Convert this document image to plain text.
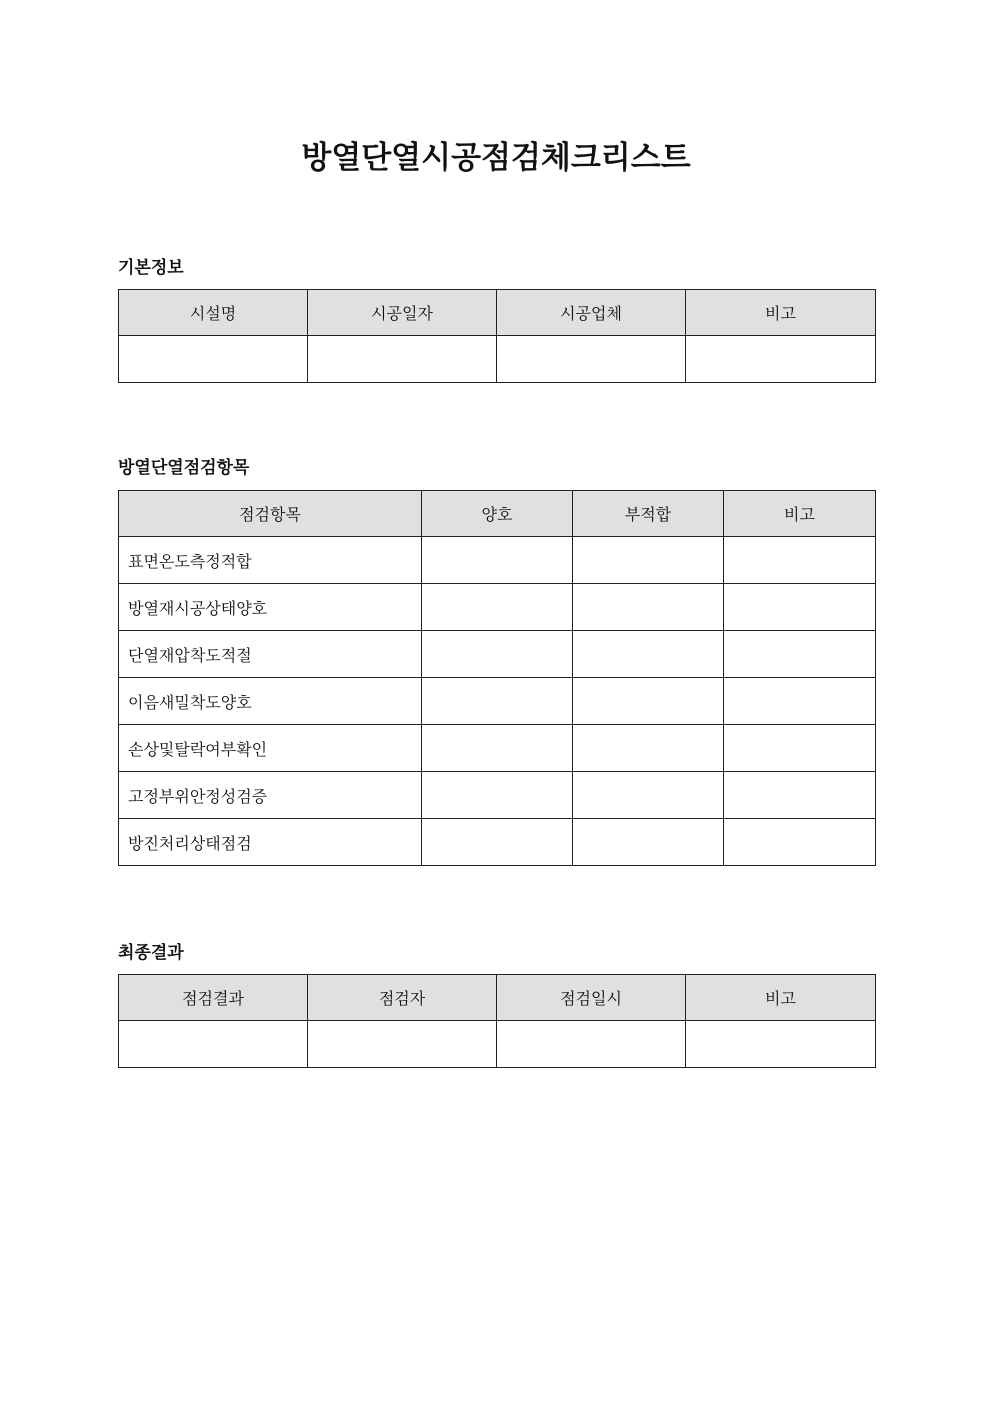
방열단열시공점검체크리스트
기본정보
시설명	시공일자	시공업체	비고

방열단열점검항목
점검항목	양호	부적합	비고
표면온도측정적합			
방열재시공상태양호			
단열재압착도적절			
이음새밀착도양호			
손상및탈락여부확인			
고정부위안정성검증			
방진처리상태점검			
최종결과
점검결과	점검자	점검일시	비고
